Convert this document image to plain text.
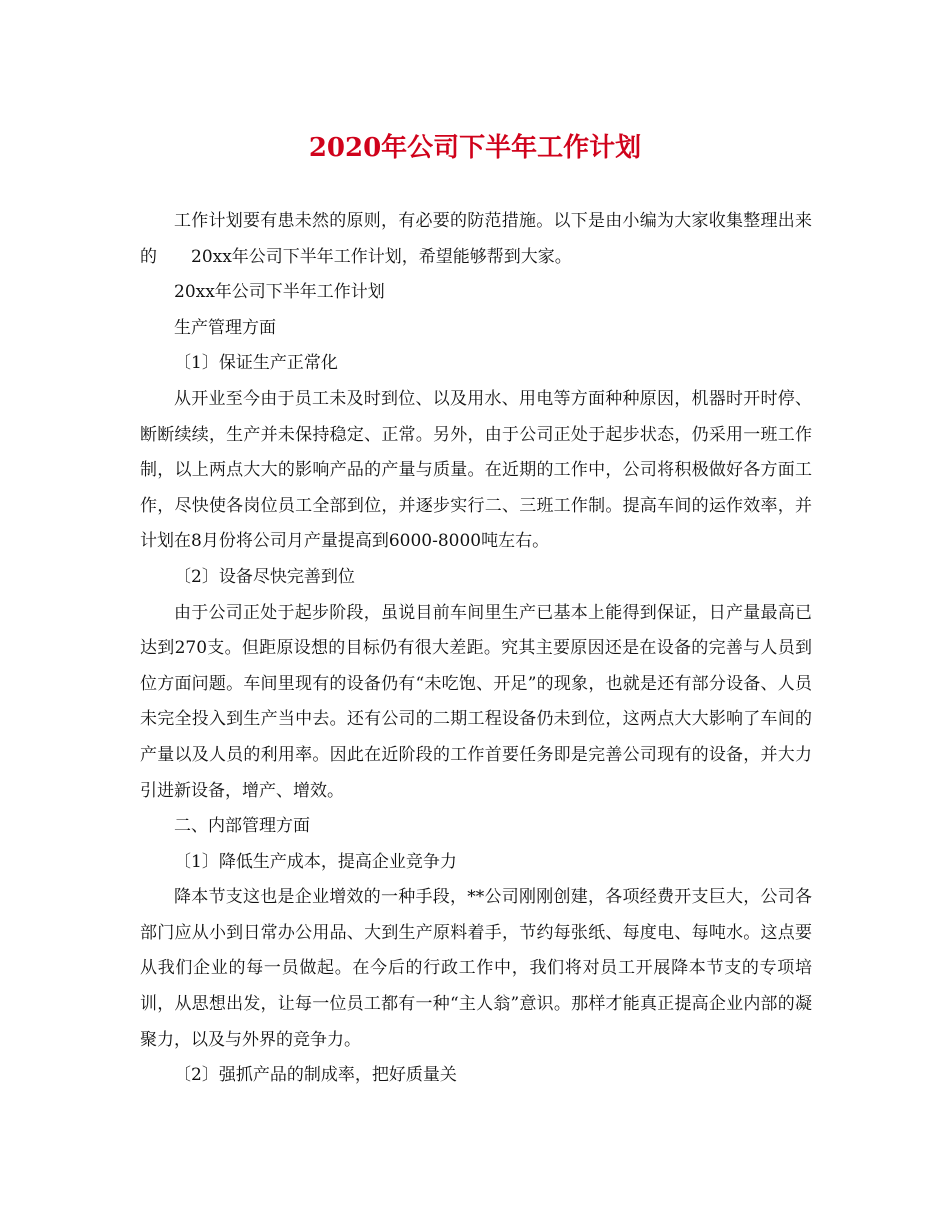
2020年公司下半年工作计划

工作计划要有患未然的原则，有必要的防范措施。以下是由小编为大家收集整理出来的　　20xx年公司下半年工作计划，希望能够帮到大家。

20xx年公司下半年工作计划

生产管理方面

〔1〕保证生产正常化

从开业至今由于员工未及时到位、以及用水、用电等方面种种原因，机器时开时停、断断续续，生产并未保持稳定、正常。另外，由于公司正处于起步状态，仍采用一班工作制，以上两点大大的影响产品的产量与质量。在近期的工作中，公司将积极做好各方面工作，尽快使各岗位员工全部到位，并逐步实行二、三班工作制。提高车间的运作效率，并计划在8月份将公司月产量提高到6000-8000吨左右。

〔2〕设备尽快完善到位

由于公司正处于起步阶段，虽说目前车间里生产已基本上能得到保证，日产量最高已达到270支。但距原设想的目标仍有很大差距。究其主要原因还是在设备的完善与人员到位方面问题。车间里现有的设备仍有“未吃饱、开足”的现象，也就是还有部分设备、人员未完全投入到生产当中去。还有公司的二期工程设备仍未到位，这两点大大影响了车间的产量以及人员的利用率。因此在近阶段的工作首要任务即是完善公司现有的设备，并大力引进新设备，增产、增效。

二、内部管理方面

〔1〕降低生产成本，提高企业竞争力

降本节支这也是企业增效的一种手段，**公司刚刚创建，各项经费开支巨大，公司各部门应从小到日常办公用品、大到生产原料着手，节约每张纸、每度电、每吨水。这点要从我们企业的每一员做起。在今后的行政工作中，我们将对员工开展降本节支的专项培训，从思想出发，让每一位员工都有一种“主人翁”意识。那样才能真正提高企业内部的凝聚力，以及与外界的竞争力。

〔2〕强抓产品的制成率，把好质量关
